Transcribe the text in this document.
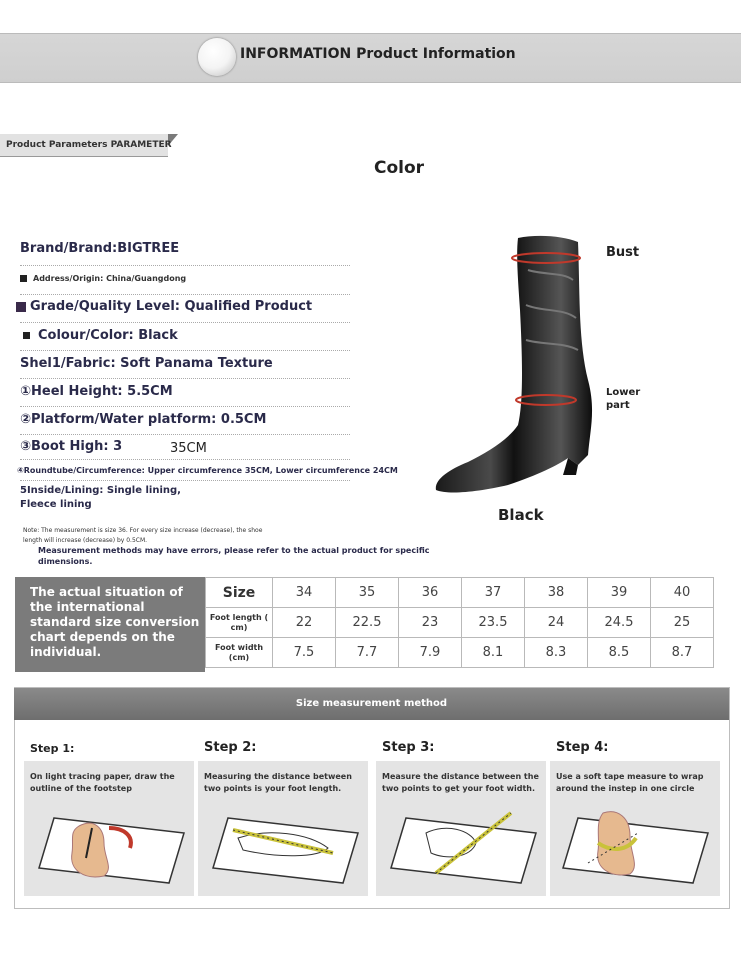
INFORMATION Product Information
Product Parameters PARAMETER
Color
Brand/Brand:BIGTREE
Address/Origin: China/Guangdong
Grade/Quality Level: Qualified Product
Colour/Color: Black
Shel1/Fabric: Soft Panama Texture
①Heel Height: 5.5CM
②Platform/Water platform: 0.5CM
③Boot High: 3	35CM
④Roundtube/Circumference: Upper circumference 35CM, Lower circumference 24CM
5Inside/Lining: Single lining,
Fleece lining
Note: The measurement is size 36. For every size increase (decrease), the shoe
length will increase (decrease) by 0.5CM.
Measurement methods may have errors, please refer to the actual product for specific
dimensions.
Bust
Lower part
Black
The actual situation of the international standard size conversion chart depends on the individual.
Size	34	35	36	37	38	39	40
Foot length ( cm)	22	22.5	23	23.5	24	24.5	25
Foot width (cm)	7.5	7.7	7.9	8.1	8.3	8.5	8.7
Size measurement method
Step 1:
On light tracing paper, draw the outline of the footstep
Step 2:
Measuring the distance between two points is your foot length.
Step 3:
Measure the distance between the two points to get your foot width.
Step 4:
Use a soft tape measure to wrap around the instep in one circle
